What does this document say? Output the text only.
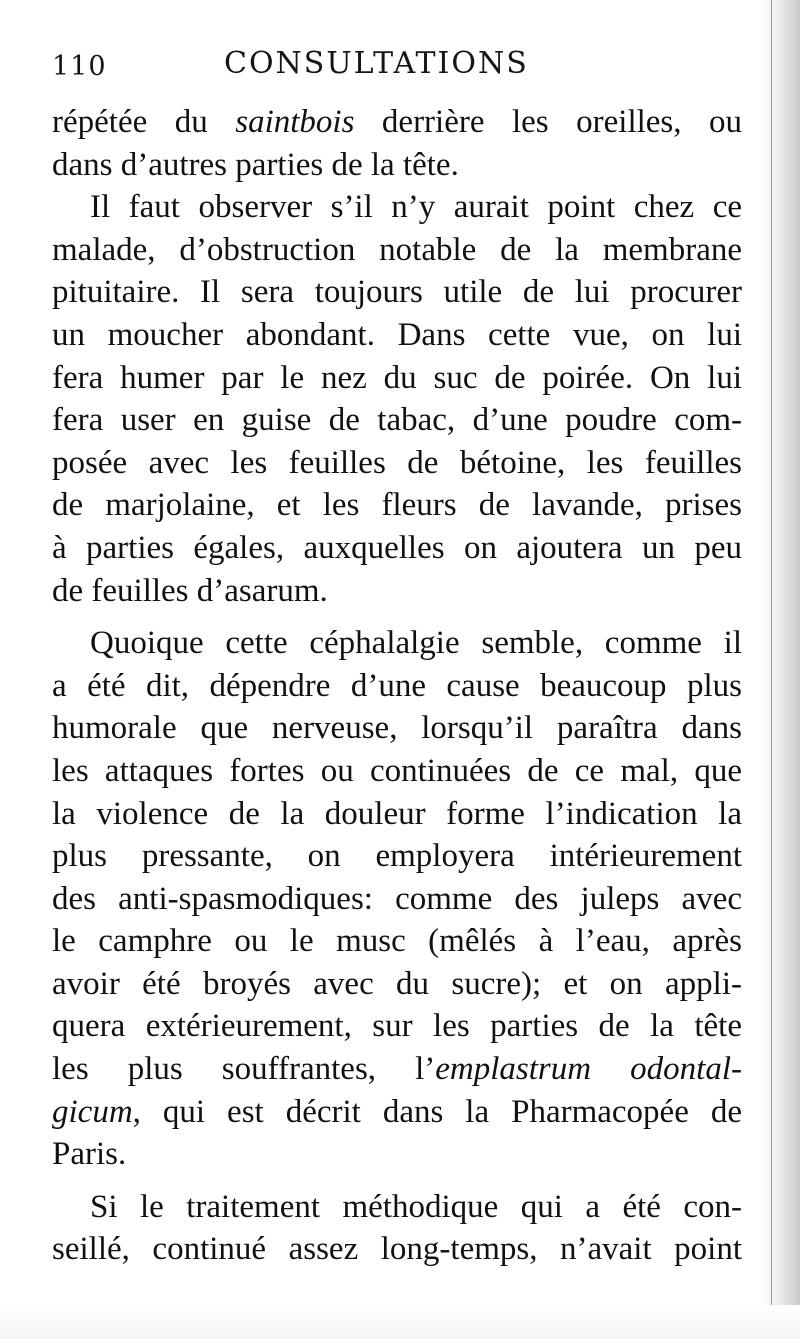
110	CONSULTATIONS
répétée du saintbois derrière les oreilles, ou
dans d’autres parties de la tête.
Il faut observer s’il n’y aurait point chez ce
malade, d’obstruction notable de la membrane
pituitaire. Il sera toujours utile de lui procurer
un moucher abondant. Dans cette vue, on lui
fera humer par le nez du suc de poirée. On lui
fera user en guise de tabac, d’une poudre com-
posée avec les feuilles de bétoine, les feuilles
de marjolaine, et les fleurs de lavande, prises
à parties égales, auxquelles on ajoutera un peu
de feuilles d’asarum.
Quoique cette céphalalgie semble, comme il
a été dit, dépendre d’une cause beaucoup plus
humorale que nerveuse, lorsqu’il paraîtra dans
les attaques fortes ou continuées de ce mal, que
la violence de la douleur forme l’indication la
plus pressante, on employera intérieurement
des anti-spasmodiques: comme des juleps avec
le camphre ou le musc (mêlés à l’eau, après
avoir été broyés avec du sucre); et on appli-
quera extérieurement, sur les parties de la tête
les plus souffrantes, l’emplastrum odontal-
gicum, qui est décrit dans la Pharmacopée de
Paris.
Si le traitement méthodique qui a été con-
seillé, continué assez long-temps, n’avait point
